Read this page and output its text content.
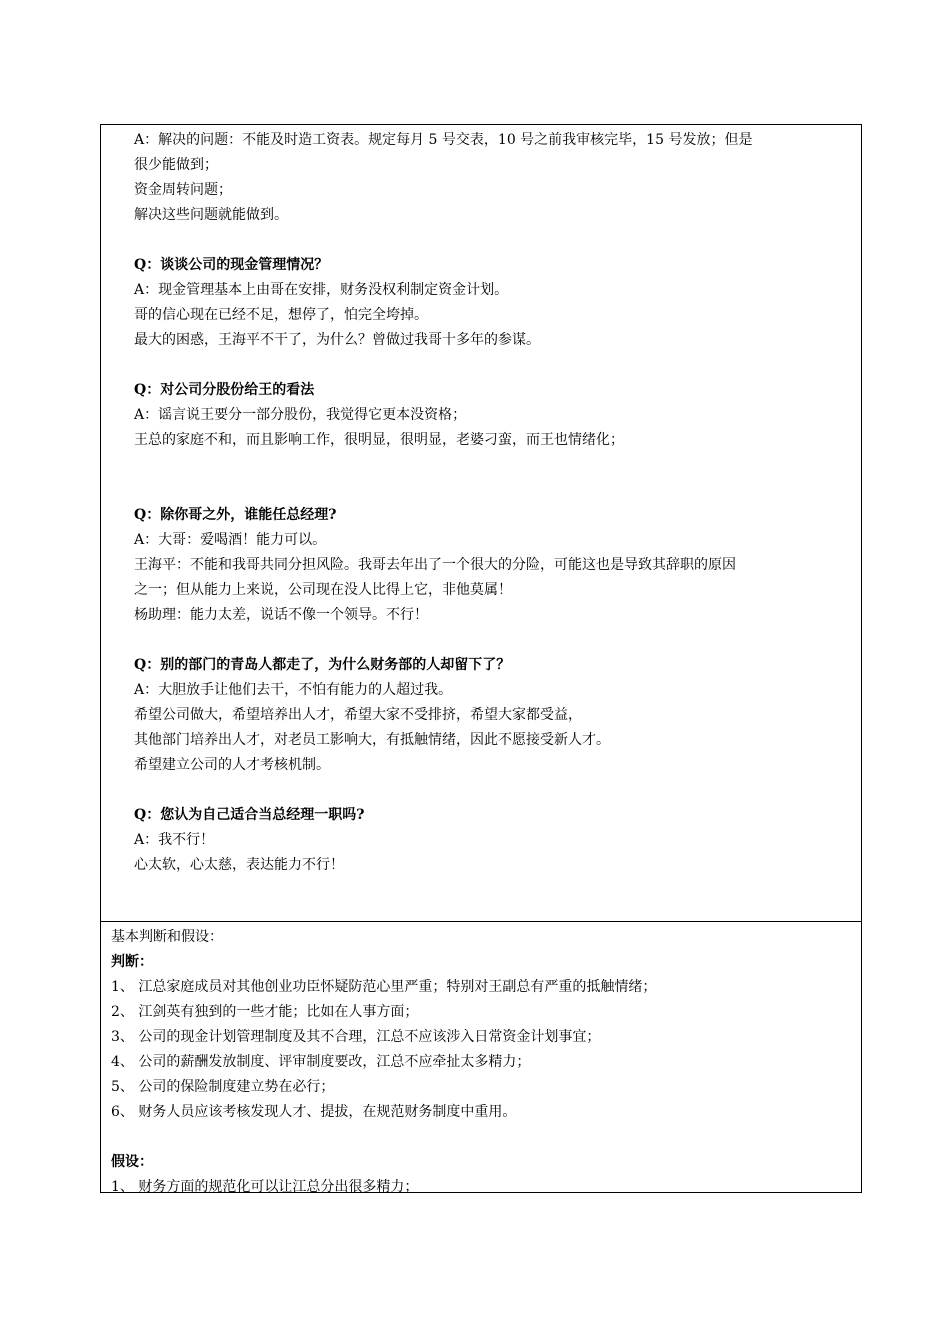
A：解决的问题：不能及时造工资表。规定每月 5 号交表，10 号之前我审核完毕，15 号发放；但是
很少能做到；
资金周转问题；
解决这些问题就能做到。
Q：谈谈公司的现金管理情况？
A：现金管理基本上由哥在安排，财务没权利制定资金计划。
哥的信心现在已经不足，想停了，怕完全垮掉。
最大的困惑，王海平不干了，为什么？曾做过我哥十多年的参谋。
Q：对公司分股份给王的看法
A：谣言说王要分一部分股份，我觉得它更本没资格；
王总的家庭不和，而且影响工作，很明显，很明显，老婆刁蛮，而王也情绪化；
Q：除你哥之外，谁能任总经理?
A：大哥：爱喝酒！能力可以。
王海平：不能和我哥共同分担风险。我哥去年出了一个很大的分险，可能这也是导致其辞职的原因
之一；但从能力上来说，公司现在没人比得上它，非他莫属！
杨助理：能力太差，说话不像一个领导。不行！
Q：别的部门的青岛人都走了，为什么财务部的人却留下了？
A：大胆放手让他们去干，不怕有能力的人超过我。
希望公司做大，希望培养出人才，希望大家不受排挤，希望大家都受益，
其他部门培养出人才，对老员工影响大，有抵触情绪，因此不愿接受新人才。
希望建立公司的人才考核机制。
Q：您认为自己适合当总经理一职吗?
A：我不行！
心太软，心太慈，表达能力不行！
基本判断和假设：
判断：
1、 江总家庭成员对其他创业功臣怀疑防范心里严重；特别对王副总有严重的抵触情绪；
2、 江剑英有独到的一些才能；比如在人事方面；
3、 公司的现金计划管理制度及其不合理，江总不应该涉入日常资金计划事宜；
4、 公司的薪酬发放制度、评审制度要改，江总不应牵扯太多精力；
5、 公司的保险制度建立势在必行；
6、 财务人员应该考核发现人才、提拔，在规范财务制度中重用。
假设：
1、 财务方面的规范化可以让江总分出很多精力；
